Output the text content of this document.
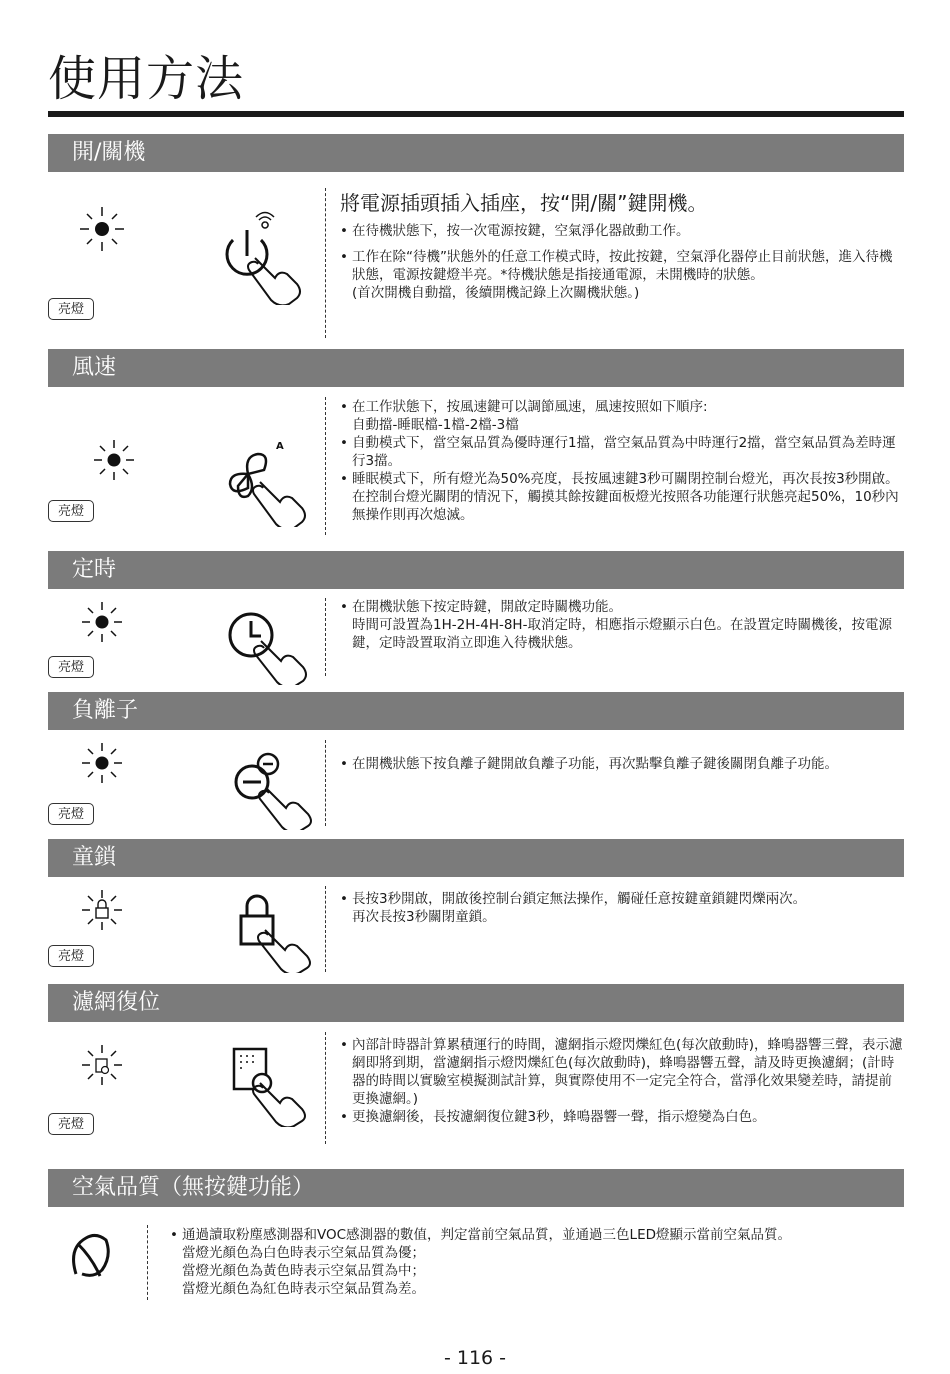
使用方法
開/關機
亮燈

將電源插頭插入插座，按“開/關”鍵開機。

• 在待機狀態下，按一次電源按鍵，空氣淨化器啟動工作。

• 工作在除“待機”狀態外的任意工作模式時，按此按鍵，空氣淨化器停止目前狀態，進入待機狀態，電源按鍵燈半亮。*待機狀態是指接通電源，未開機時的狀態。

(首次開機自動擋，後續開機記錄上次關機狀態。)

風速
亮燈
A

• 在工作狀態下，按風速鍵可以調節風速，風速按照如下順序:

自動擋-睡眠檔-1檔-2檔-3檔

• 自動模式下，當空氣品質為優時運行1擋，當空氣品質為中時運行2擋，當空氣品質為差時運行3擋。

• 睡眠模式下，所有燈光為50%亮度，長按風速鍵3秒可關閉控制台燈光，再次長按3秒開啟。在控制台燈光關閉的情況下，觸摸其餘按鍵面板燈光按照各功能運行狀態亮起50%，10秒內無操作則再次熄滅。

定時
亮燈

• 在開機狀態下按定時鍵，開啟定時關機功能。

時間可設置為1H-2H-4H-8H-取消定時，相應指示燈顯示白色。在設置定時關機後，按電源鍵，定時設置取消立即進入待機狀態。

負離子
亮燈

• 在開機狀態下按負離子鍵開啟負離子功能，再次點擊負離子鍵後關閉負離子功能。

童鎖
亮燈

• 長按3秒開啟，開啟後控制台鎖定無法操作，觸碰任意按鍵童鎖鍵閃爍兩次。

再次長按3秒關閉童鎖。

濾網復位
亮燈

• 內部計時器計算累積運行的時間，濾網指示燈閃爍紅色(每次啟動時)，蜂鳴器響三聲，表示濾網即將到期，當濾網指示燈閃爍紅色(每次啟動時)，蜂鳴器響五聲，請及時更換濾網；(計時器的時間以實驗室模擬測試計算，與實際使用不一定完全符合，當淨化效果變差時，請提前更換濾網。)

• 更換濾網後，長按濾網復位鍵3秒，蜂鳴器響一聲，指示燈變為白色。

空氣品質（無按鍵功能）

• 通過讀取粉塵感測器和VOC感測器的數值，判定當前空氣品質，並通過三色LED燈顯示當前空氣品質。

當燈光顏色為白色時表示空氣品質為優；

當燈光顏色為黃色時表示空氣品質為中；

當燈光顏色為紅色時表示空氣品質為差。

- 116 -
